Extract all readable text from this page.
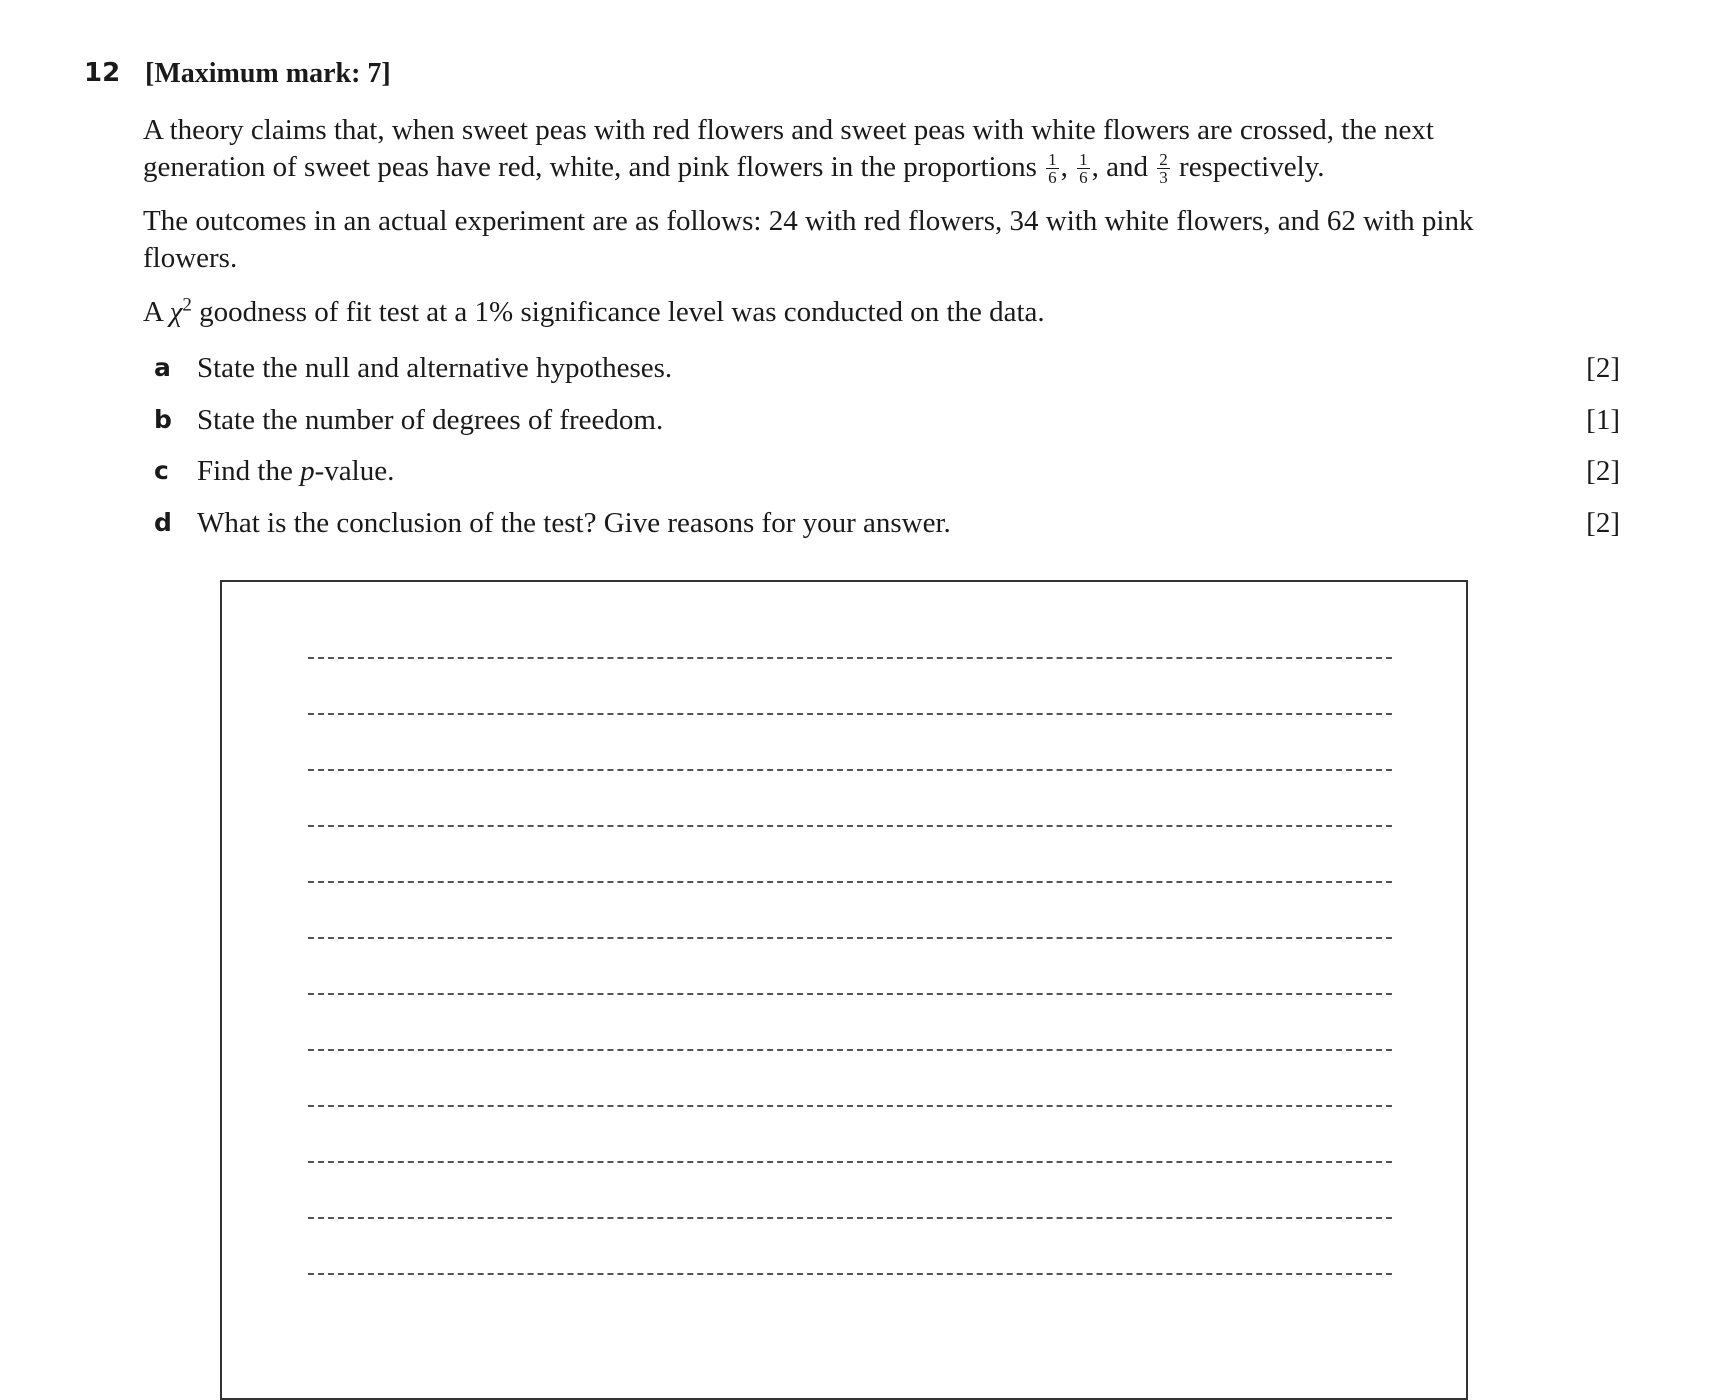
12 [Maximum mark: 7]
A theory claims that, when sweet peas with red flowers and sweet peas with white flowers are crossed, the next
generation of sweet peas have red, white, and pink flowers in the proportions $\frac{1}{6}$ , $\frac{1}{6}$ , and $\frac{2}{3}$ respectively.
The outcomes in an actual experiment are as follows: 24 with red flowers, 34 with white flowers, and 62 with pink flowers.
A $\chi^2$ goodness of fit test at a 1% significance level was conducted on the data.
a State the null and alternative hypotheses.	[2]
b State the number of degrees of freedom.	[1]
c Find the p-value.	[2]
d What is the conclusion of the test? Give reasons for your answer.	[2]
